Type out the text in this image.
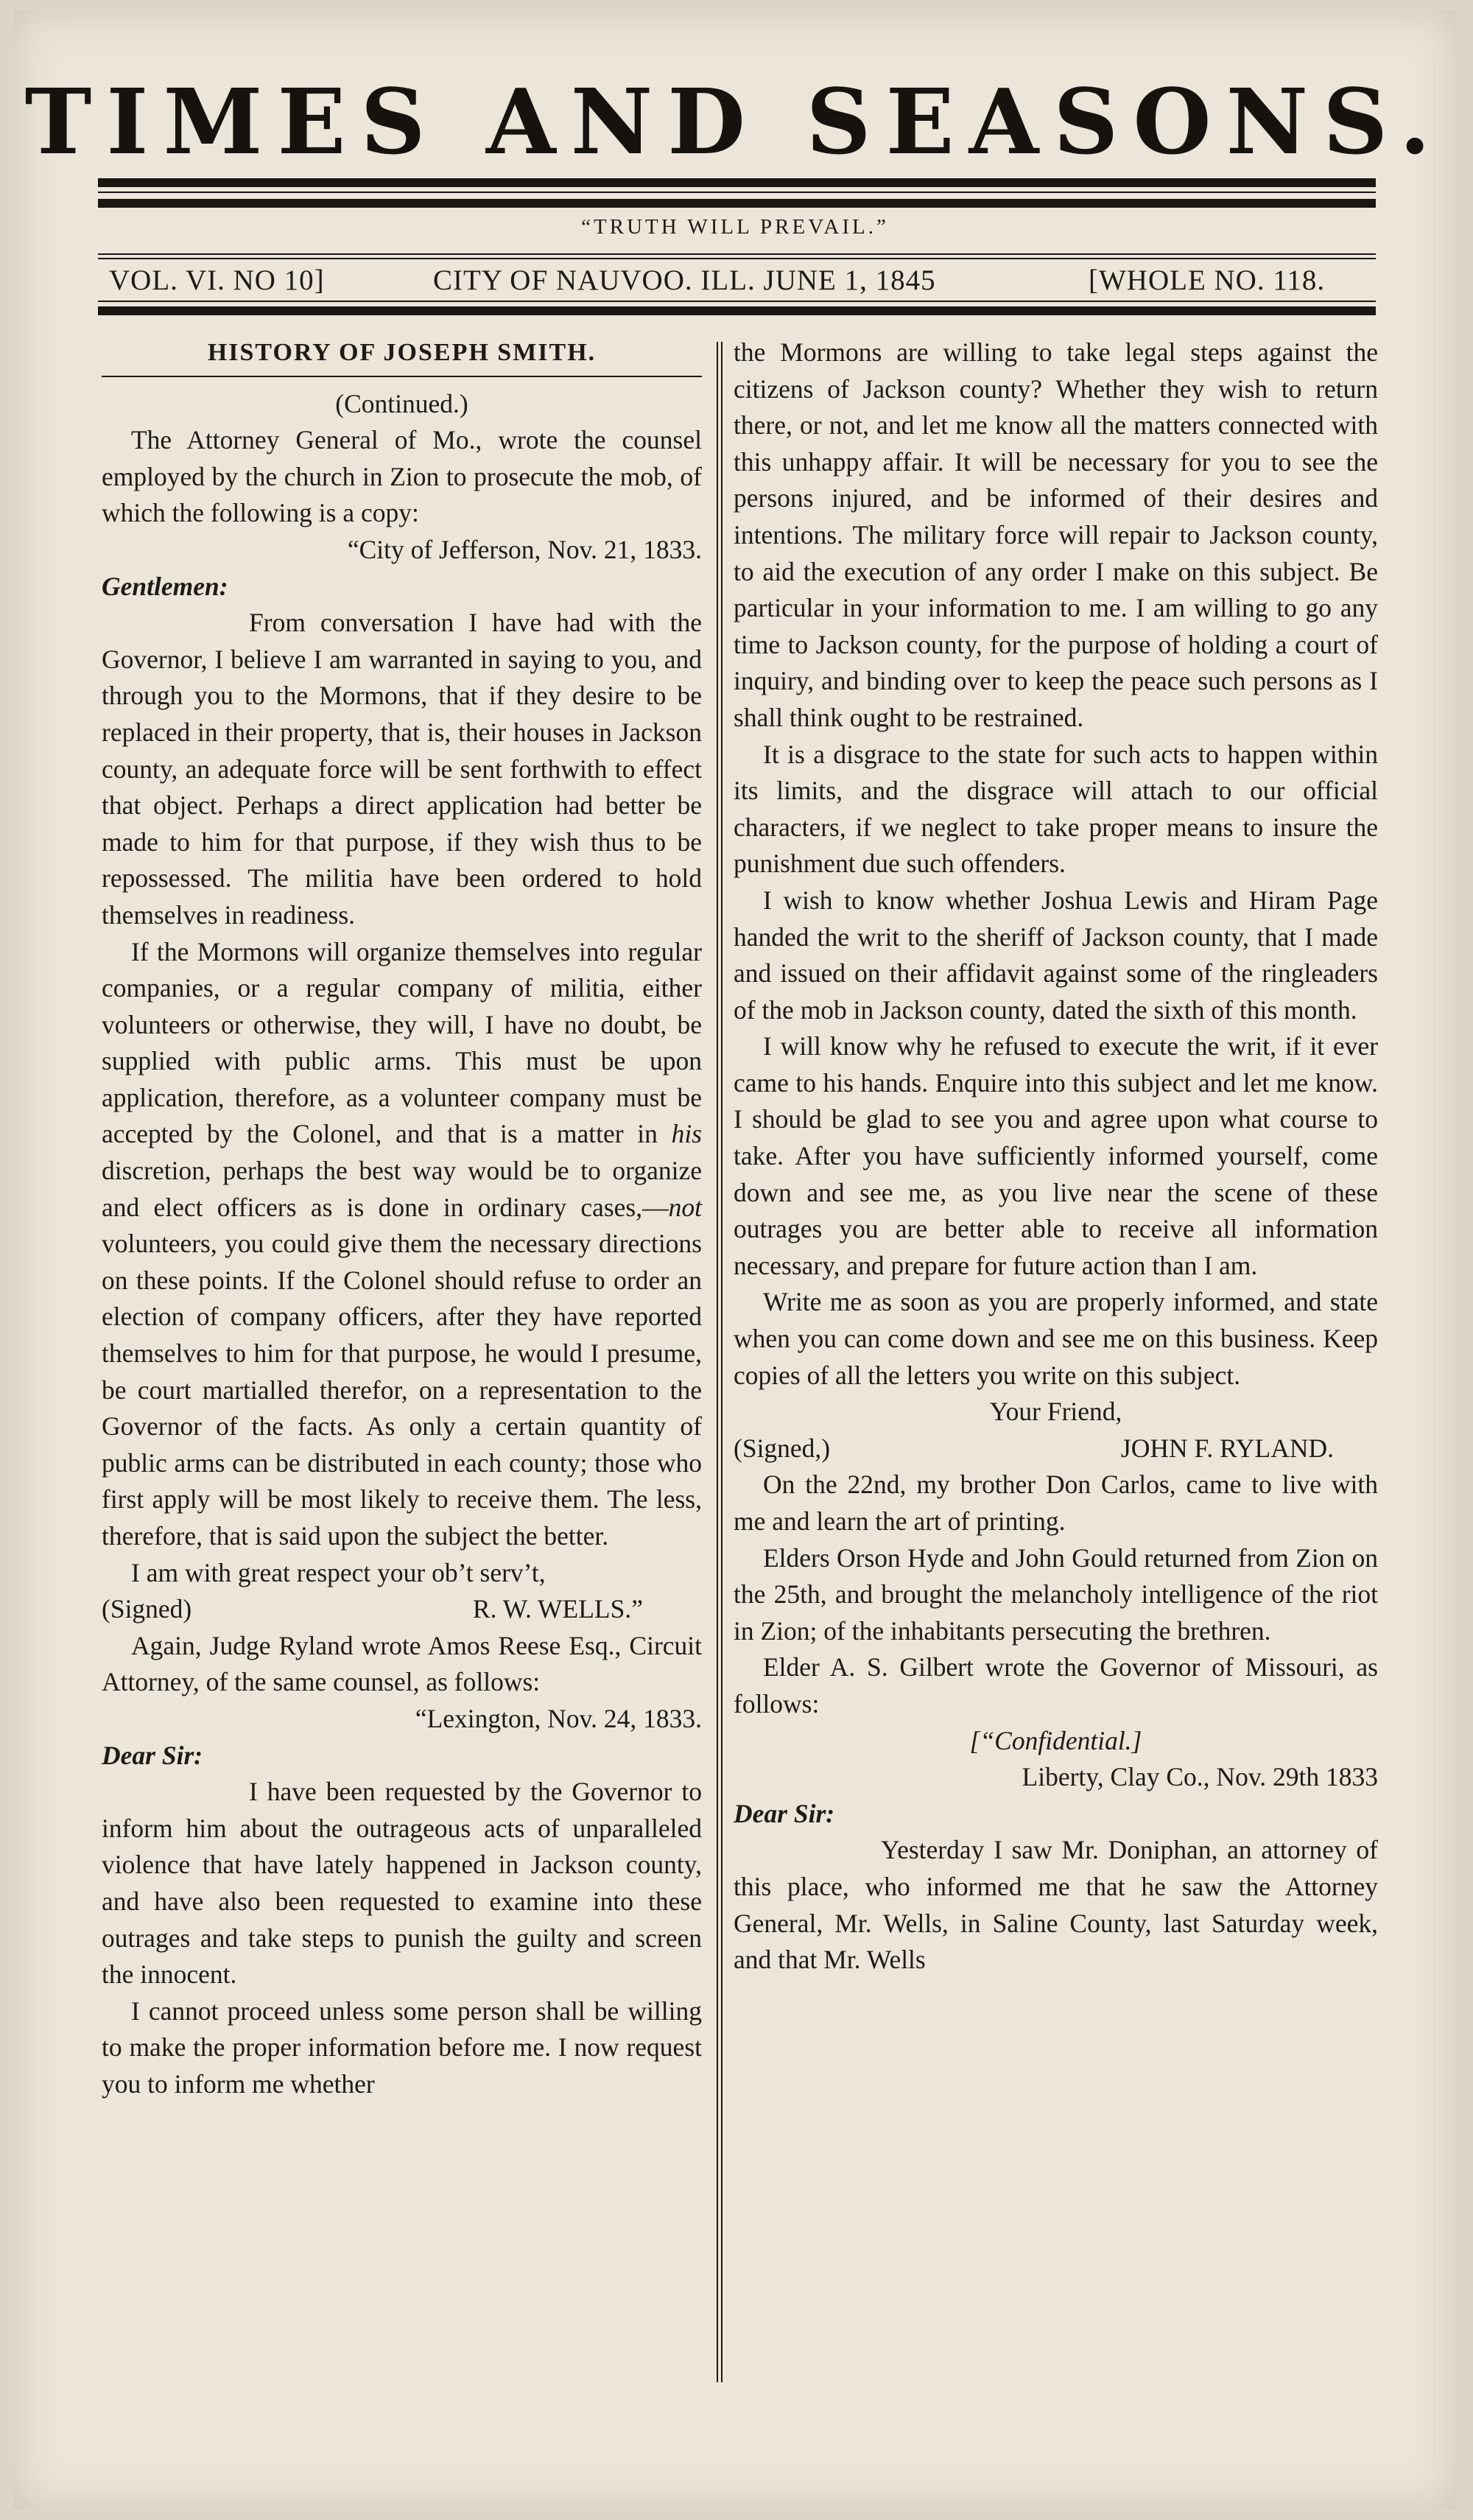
TIMES AND SEASONS.
“TRUTH WILL PREVAIL.”
VOL. VI. NO 10]	CITY OF NAUVOO. ILL. JUNE 1, 1845	[WHOLE NO. 118.
HISTORY OF JOSEPH SMITH.

(Continued.)

The Attorney General of Mo., wrote the counsel employed by the church in Zion to prosecute the mob, of which the following is a copy:

“City of Jefferson, Nov. 21, 1833.

Gentlemen:

From conversation I have had with the Governor, I believe I am warranted in saying to you, and through you to the Mormons, that if they desire to be replaced in their property, that is, their houses in Jackson county, an adequate force will be sent forthwith to effect that object. Perhaps a direct application had better be made to him for that purpose, if they wish thus to be repossessed. The militia have been ordered to hold themselves in readiness.

If the Mormons will organize themselves into regular companies, or a regular company of militia, either volunteers or otherwise, they will, I have no doubt, be supplied with public arms. This must be upon application, therefore, as a volunteer company must be accepted by the Colonel, and that is a matter in his discretion, perhaps the best way would be to organize and elect officers as is done in ordinary cases,—not volunteers, you could give them the necessary directions on these points. If the Colonel should refuse to order an election of company officers, after they have reported themselves to him for that purpose, he would I presume, be court martialled therefor, on a representation to the Governor of the facts. As only a certain quantity of public arms can be distributed in each county; those who first apply will be most likely to receive them. The less, therefore, that is said upon the subject the better.

I am with great respect your ob’t serv’t,

(Signed)	R. W. WELLS.”

Again, Judge Ryland wrote Amos Reese Esq., Circuit Attorney, of the same counsel, as follows:

“Lexington, Nov. 24, 1833.

Dear Sir:

I have been requested by the Governor to inform him about the outrageous acts of unparalleled violence that have lately happened in Jackson county, and have also been requested to examine into these outrages and take steps to punish the guilty and screen the innocent.

I cannot proceed unless some person shall be willing to make the proper information before me. I now request you to inform me whether

the Mormons are willing to take legal steps against the citizens of Jackson county? Whether they wish to return there, or not, and let me know all the matters connected with this unhappy affair. It will be necessary for you to see the persons injured, and be informed of their desires and intentions. The military force will repair to Jackson county, to aid the execution of any order I make on this subject. Be particular in your information to me. I am willing to go any time to Jackson county, for the purpose of holding a court of inquiry, and binding over to keep the peace such persons as I shall think ought to be restrained.

It is a disgrace to the state for such acts to happen within its limits, and the disgrace will attach to our official characters, if we neglect to take proper means to insure the punishment due such offenders.

I wish to know whether Joshua Lewis and Hiram Page handed the writ to the sheriff of Jackson county, that I made and issued on their affidavit against some of the ringleaders of the mob in Jackson county, dated the sixth of this month.

I will know why he refused to execute the writ, if it ever came to his hands. Enquire into this subject and let me know. I should be glad to see you and agree upon what course to take. After you have sufficiently informed yourself, come down and see me, as you live near the scene of these outrages you are better able to receive all information necessary, and prepare for future action than I am.

Write me as soon as you are properly informed, and state when you can come down and see me on this business. Keep copies of all the letters you write on this subject.

Your Friend,

(Signed,)	JOHN F. RYLAND.

On the 22nd, my brother Don Carlos, came to live with me and learn the art of printing.

Elders Orson Hyde and John Gould returned from Zion on the 25th, and brought the melancholy intelligence of the riot in Zion; of the inhabitants persecuting the brethren.

Elder A. S. Gilbert wrote the Governor of Missouri, as follows:

[“Confidential.]

Liberty, Clay Co., Nov. 29th 1833

Dear Sir:

Yesterday I saw Mr. Doniphan, an attorney of this place, who informed me that he saw the Attorney General, Mr. Wells, in Saline County, last Saturday week, and that Mr. Wells
